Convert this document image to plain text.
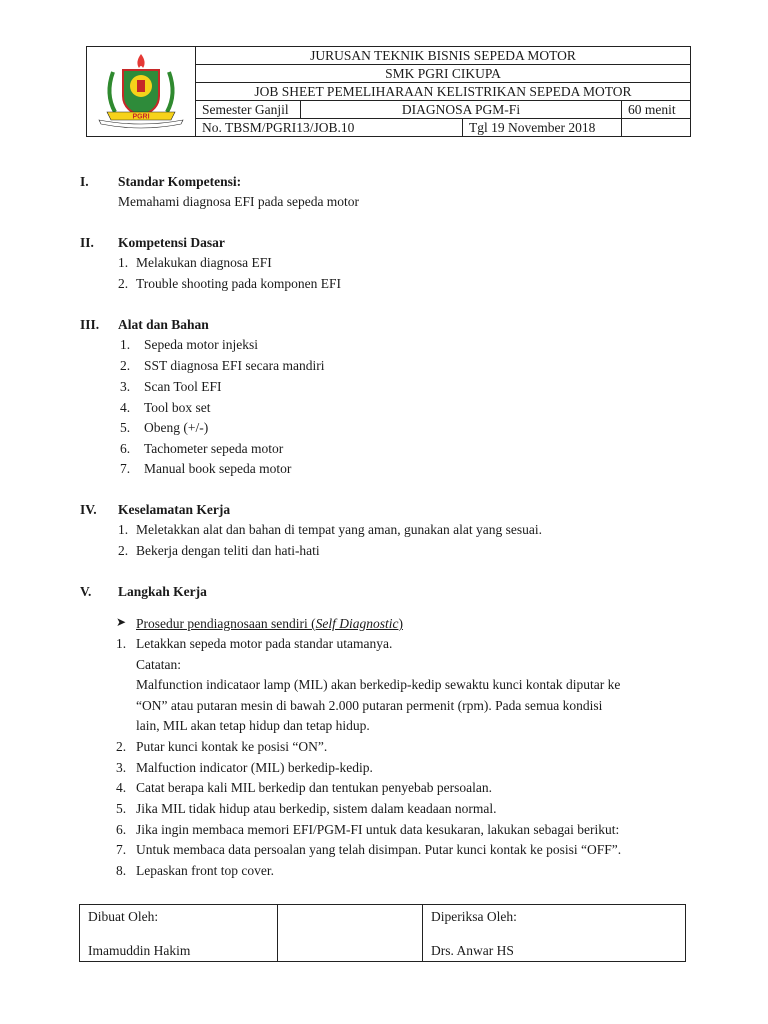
PGRI	JURUSAN TEKNIK BISNIS SEPEDA MOTOR		
	SMK PGRI CIKUPA		
	JOB SHEET PEMELIHARAAN KELISTRIKAN SEPEDA MOTOR		
	Semester Ganjil	DIAGNOSA PGM-Fi	60 menit

	No. TBSM/PGRI13/JOB.10 Tgl 19 November 2018		

I. Standar Kompetensi:
Memahami diagnosa EFI pada sepeda motor
II. Kompetensi Dasar
1. Melakukan diagnosa EFI
2. Trouble shooting pada komponen EFI
III. Alat dan Bahan
1. Sepeda motor injeksi
2. SST diagnosa EFI secara mandiri
3. Scan Tool EFI
4. Tool box set
5. Obeng (+/-)
6. Tachometer sepeda motor
7. Manual book sepeda motor
IV. Keselamatan Kerja
1. Meletakkan alat dan bahan di tempat yang aman, gunakan alat yang sesuai.
2. Bekerja dengan teliti dan hati-hati
V. Langkah Kerja
➤ Prosedur pendiagnosaan sendiri (Self Diagnostic)
1. Letakkan sepeda motor pada standar utamanya.
Catatan:
Malfunction indicataor lamp (MIL) akan berkedip-kedip sewaktu kunci kontak diputar ke
“ON” atau putaran mesin di bawah 2.000 putaran permenit (rpm). Pada semua kondisi
lain, MIL akan tetap hidup dan tetap hidup.
2. Putar kunci kontak ke posisi “ON”.
3. Malfuction indicator (MIL) berkedip-kedip.
4. Catat berapa kali MIL berkedip dan tentukan penyebab persoalan.
5. Jika MIL tidak hidup atau berkedip, sistem dalam keadaan normal.
6. Jika ingin membaca memori EFI/PGM-FI untuk data kesukaran, lakukan sebagai berikut:
7. Untuk membaca data persoalan yang telah disimpan. Putar kunci kontak ke posisi “OFF”.
8. Lepaskan front top cover.
Dibuat Oleh:
Imamuddin Hakim

Diperiksa Oleh:
Drs. Anwar HS
